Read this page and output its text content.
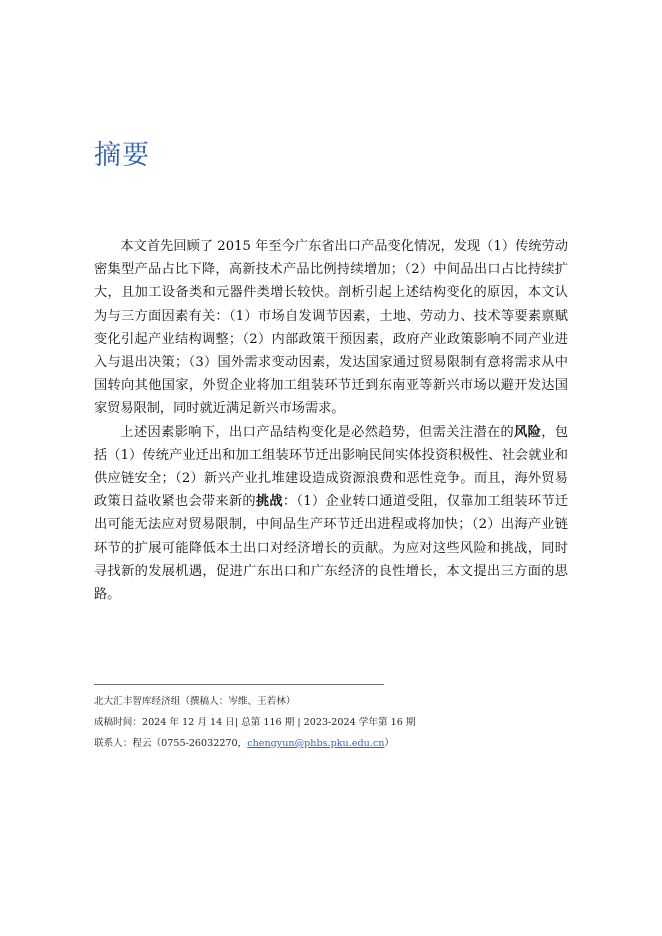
摘要

本文首先回顾了 2015 年至今广东省出口产品变化情况，发现（1）传统劳动密集型产品占比下降，高新技术产品比例持续增加；（2）中间品出口占比持续扩大，且加工设备类和元器件类增长较快。剖析引起上述结构变化的原因，本文认为与三方面因素有关：（1）市场自发调节因素，土地、劳动力、技术等要素禀赋变化引起产业结构调整；（2）内部政策干预因素，政府产业政策影响不同产业进入与退出决策；（3）国外需求变动因素，发达国家通过贸易限制有意将需求从中国转向其他国家，外贸企业将加工组装环节迁到东南亚等新兴市场以避开发达国家贸易限制，同时就近满足新兴市场需求。

上述因素影响下，出口产品结构变化是必然趋势，但需关注潜在的风险，包括（1）传统产业迁出和加工组装环节迁出影响民间实体投资积极性、社会就业和供应链安全；（2）新兴产业扎堆建设造成资源浪费和恶性竞争。而且，海外贸易政策日益收紧也会带来新的挑战：（1）企业转口通道受阻，仅靠加工组装环节迁出可能无法应对贸易限制，中间品生产环节迁出进程或将加快；（2）出海产业链环节的扩展可能降低本土出口对经济增长的贡献。为应对这些风险和挑战，同时寻找新的发展机遇，促进广东出口和广东经济的良性增长，本文提出三方面的思路。

北大汇丰智库经济组（撰稿人：岑维、王若林）
成稿时间：2024 年 12 月 14 日| 总第 116 期 | 2023-2024 学年第 16 期
联系人：程云（0755-26032270，chengyun@phbs.pku.edu.cn）
